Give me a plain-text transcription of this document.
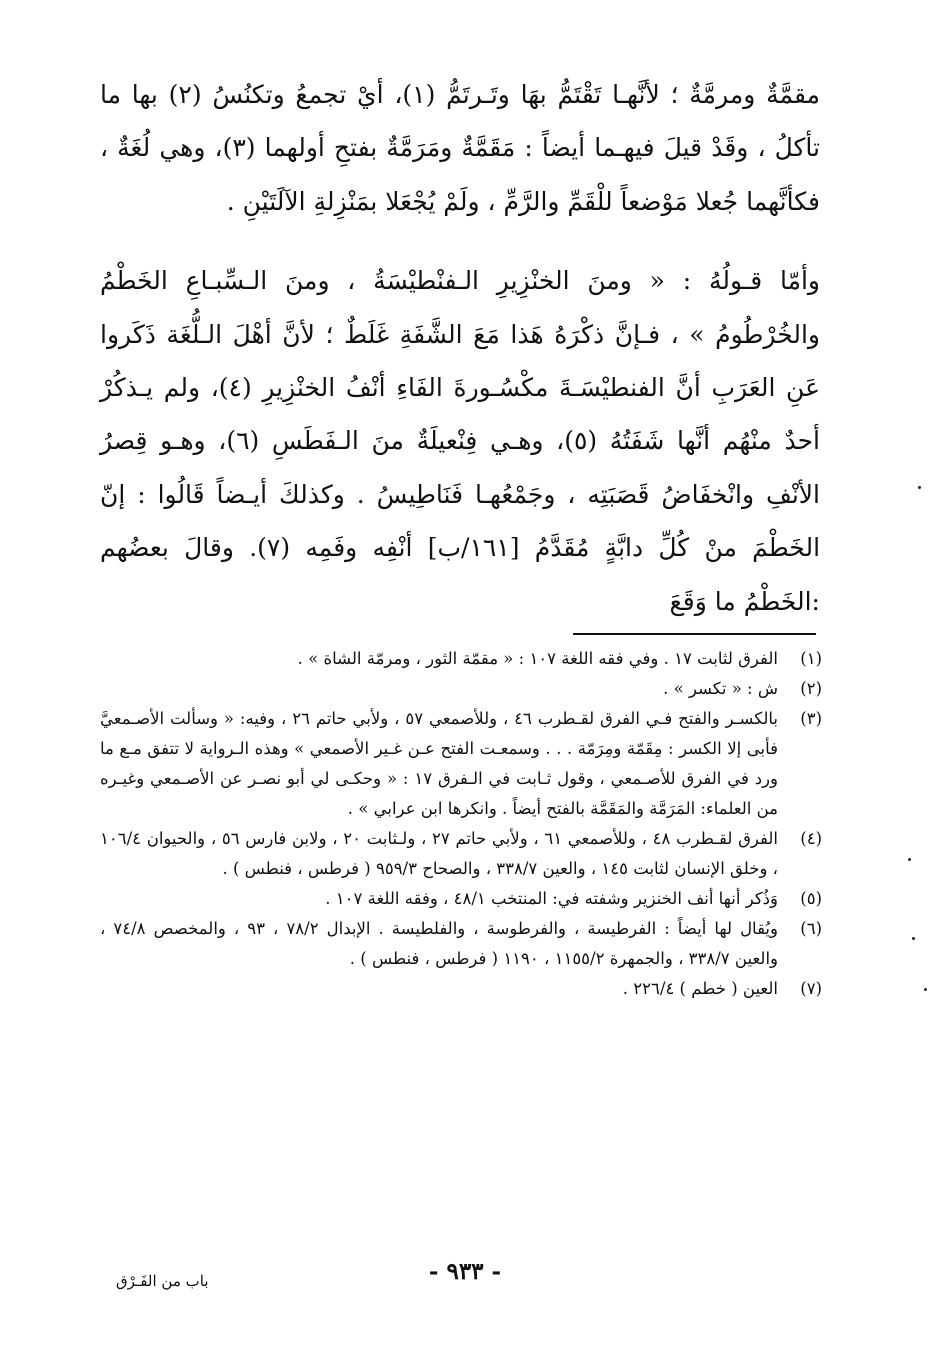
مقمَّةٌ ومرمَّةٌ ؛ لأنَّهـا تَقْتَمُّ بهَا وتَـرتَمُّ (١)، أيْ تجمعُ وتكنُسُ (٢) بها ما تأكلُ ، وقَدْ قيلَ فيهـما أيضاً : مَقَمَّةٌ ومَرَمَّةٌ بفتحِ أولهما (٣)، وهي لُغَةٌ ، فكأنَّهما جُعلا مَوْضعاً للْقَمِّ والرَّمِّ ، ولَمْ يُجْعَلا بمَنْزِلةِ الآلَتَيْنِ .

وأمّا قـولُهُ : « ومنَ الخنْزِيرِ الـفنْطيْسَةُ ، ومنَ الـسِّبـاعِ الخَطْمُ والخُرْطُومُ » ، فـإنَّ ذكْرَهُ هَذا مَعَ الشَّفَةِ غَلَطٌ ؛ لأنَّ أهْلَ الـلُّغَة ذَكَروا عَنِ العَرَبِ أنَّ الفنطيْسَـةَ مكْسُـورةَ الفَاءِ أنْفُ الخنْزِيرِ (٤)، ولم يـذكُرْ أحدٌ منْهُم أنَّها شَفَتُهُ (٥)، وهـي فِنْعيلَةٌ منَ الـفَطَسِ (٦)، وهـو قِصرُ الأنْفِ وانْخفَاضُ قَصَبَتِه ، وجَمْعُهـا فَنَاطِيسُ . وكذلكَ أيـضاً قَالُوا : إنّ الخَطْمَ منْ كُلِّ دابَّةٍ مُقَدَّمُ [١٦١/ب] أنْفِه وفَمِه (٧). وقالَ بعضُهم :الخَطْمُ ما وَقَعَ

(١)
الفرق لثابت ١٧ . وفي فقه اللغة ١٠٧ : « مقمّة الثور ، ومرمّة الشاة » .
(٢)
ش : « تكسر » .
(٣)
بالكسـر والفتح فـي الفرق لقـطرب ٤٦ ، وللأصمعي ٥٧ ، ولأبي حاتم ٢٦ ، وفيه: « وسألت الأصـمعيَّ فأبى إلا الكسر : مِقَمّة ومِرَمّة . . . وسمعـت الفتح عـن غـير الأصمعي » وهذه الـرواية لا تتفق مـع ما ورد في الفرق للأصـمعي ، وقول ثـابت في الـفرق ١٧ : « وحكـى لي أبو نصـر عن الأصـمعي وغيـره من العلماء: المَرَمَّة والمَقَمَّة بالفتح أيضاً . وانكرها ابن عرابي » .
(٤)
الفرق لقـطرب ٤٨ ، وللأصمعي ٦١ ، ولأبي حاتم ٢٧ ، ولـثابت ٢٠ ، ولابن فارس ٥٦ ، والحيوان ١٠٦/٤ ، وخلق الإنسان لثابت ١٤٥ ، والعين ٣٣٨/٧ ، والصحاح ٩٥٩/٣ ( فرطس ، فنطس ) .
(٥)
وَذُكر أنها أنف الخنزير وشفته في: المنتخب ٤٨/١ ، وفقه اللغة ١٠٧ .
(٦)
ويُقال لها أيضاً : الفرطيسة ، والفرطوسة ، والفلطيسة . الإبدال ٧٨/٢ ، ٩٣ ، والمخصص ٧٤/٨ ، والعين ٣٣٨/٧ ، والجمهرة ١١٥٥/٢ ، ١١٩٠ ( فرطس ، فنطس ) .
(٧)
العين ( خطم ) ٢٢٦/٤ .
- ٩٣٣ -
باب من الفَـرْق
